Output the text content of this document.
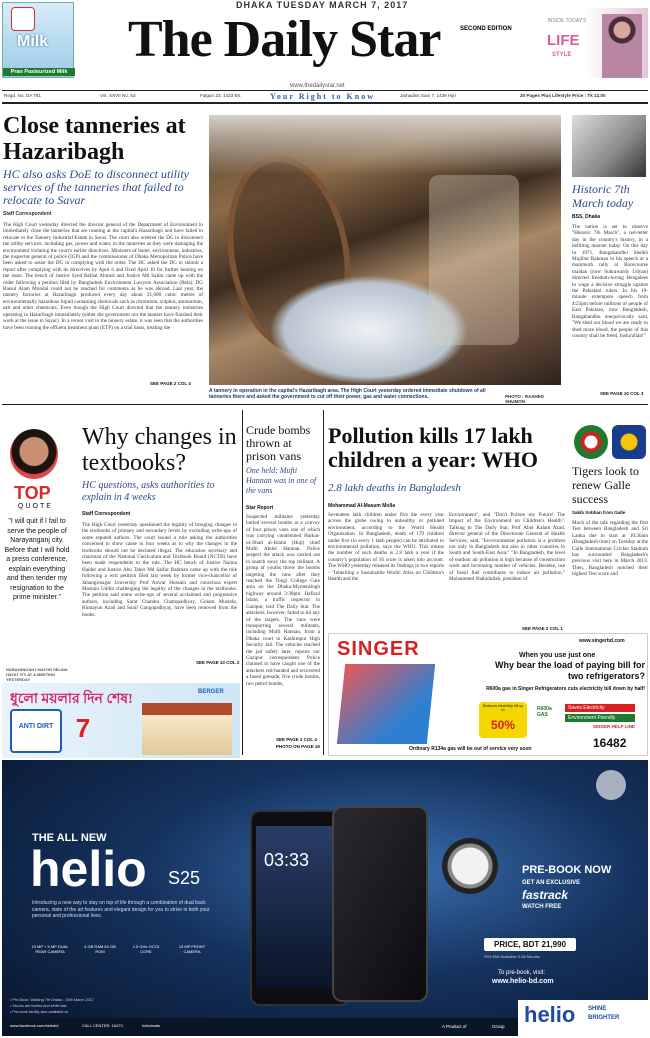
Milk
Pran Pasteurized Milk
DHAKA TUESDAY MARCH 7, 2017
The Daily Star	SECOND EDITION
www.thedailystar.net
Your Right to Know
INSIDE TODAY'S
LIFE
STYLE
Regd. No. DA 781	Vol. XXVII No. 53	Falgun 23, 1423 BS	Jamadius Sani 7, 1438 Hijri	20 Pages Plus Lifestyle Price : Tk 12.00
Close tanneries at Hazaribagh
HC also asks DoE to disconnect utility services of the tanneries that failed to relocate to Savar
Staff Correspondent
The High Court yesterday directed the director general of the Department of Environment to immediately close the tanneries that are running at the capital's Hazaribagh and have failed to relocate to the Tannery Industrial Estate in Savar. The court also ordered the DG to disconnect the utility services, including gas, power and water, to the tanneries as they were damaging the environment violating the court's earlier directives. Ministers of home, environment, industries, the inspector general of police (IGP) and the commissioner of Dhaka Metropolitan Police have been asked to assist the DG in complying with the order. The HC asked the DG to submit a report after complying with its directives by April 6 and fixed April 10 for further hearing on the issue. The bench of Justice Syed Refaat Ahmed and Justice Md Salim came up with the order following a petition filed by Bangladesh Environment Lawyers Association (Bela). DG Raisul Alam Mondal could not be reached for comments as he was abroad. Last year, the tannery factories at Hazaribagh produced every day about 21,600 cubic metres of environmentally hazardous liquid containing chemicals such as chromium, sulphur, ammonium, salt and other chemicals. Even though the High Court directed that the tannery industries operating in Hazaribagh immediately (either the government nor the tanners have finished their work at the issue in Savar). In a recent visit to the tannery estate, it was seen that the authorities have been running the effluent treatment plant (ETP) on a trial basis, treating the
SEE PAGE 2 COL 4
A tannery in operation in the capital's Hazaribagh area. The High Court yesterday ordered immediate shutdown of all tanneries there and asked the government to cut off their power, gas and water connections.	PHOTO : RASHED SHUMON
Historic 7th March today
BSS, Dhaka
The nation is set to observe "Historic 7th March", a red-letter day in the country's history, in a befitting manner today. On this day in 1971, Bangabandhu Sheikh Mujibur Rahman in his speech at a mammoth rally at Racecourse maidan (now Suhrawardy Udyan) directed freedom-loving Bengalees to wage a decisive struggle against the Pakistani rulers. In his 19-minute extempore speech from 4:23pm before millions of people of East Pakistan, now Bangladesh, Bangabandhu unequivocally said, "We shed our blood we are ready to shed more blood, the people of this country shall be freed, Insha'allah!"
SEE PAGE 10 COL 3
TOP
QUOTE
"I will quit if I fail to serve the people of Narayanganj city. Before that I will hold a press conference, explain everything and then tender my resignation to the prime minister."
NARAYANGANJ MAYOR SELINA HAYAT IVY AT A MEETING YESTERDAY
Why changes in textbooks?
HC questions, asks authorities to explain in 4 weeks
Staff Correspondent
The High Court yesterday questioned the legality of bringing changes in the textbooks of primary and secondary levels by excluding write-ups of some reputed authors. The court issued a rule asking the authorities concerned to show cause in four weeks as to why the changes in the textbooks should not be declared illegal. The education secretary and chairman of the National Curriculum and Textbook Board (NCTB) have been made respondents to the rule. The HC bench of Justice Naima Haider and Justice Abu Taher Md Saifur Rahman came up with the rule following a writ petition filed last week by former vice-chancellor of Jahangirnagar University Prof Anwar Hossain and conscious expert Mostain Uddin challenging the legality of the changes in the textbooks. The petition said some write-ups of several acclaimed and progressive authors, including Sarat Chandra Chattopadhyay, Golam Mustafa, Humayun Azad and Sunil Gangopadhyay, have been removed from the books.
SEE PAGE 10 COL 2
Crude bombs thrown at prison vans
One held; Mufti Hannan was in one of the vans
Star Report
Suspected militants yesterday hurled several bombs at a convoy of four prison vans one of which was carrying condemned Harkat-ul-Jihad al-Islami (Huji) chief Mufti Abdul Hannan. Police suspect the attack was carried out to snatch away the top militant. A group of youths threw the bombs targeting the vans after they reached the Tongi College Gate area on the Dhaka-Mymensingh highway around 3:30pm. Hafizul Islam, a traffic inspector in Gazipur, told The Daily Star. The attackers, however, failed to hit any of the targets. The vans were transporting several militants, including Mufti Hannan, from a Dhaka court to Kashimpur High Security Jail. The vehicles reached the jail safely later, reports our Gazipur correspondent. Police claimed to have caught one of the attackers red-handed and recovered a fused grenade, five crude bombs, two petrol bombs,
SEE PAGE 2 COL 4
PHOTO ON PAGE 16
Pollution kills 17 lakh children a year: WHO
2.8 lakh deaths in Bangladesh
Mohammad Al-Masum Molla
Seventeen lakh children under five die every year across the globe owing to unhealthy or polluted environment, according to the World Health Organisation. In Bangladesh, death of 179 children under five (in every 1 lakh people) can be attributed to environmental pollution, says the WHO. This means the number of such deaths is 2.8 lakh a year if the country's population of 16 crore is taken into account. The WHO yesterday released its findings in two reports - "Inheriting a Sustainable World: Atlas on Children's Health and the
Environment", and "Don't Pollute my Future! The Impact of the Environment on Children's Health". Talking to The Daily Star, Prof Abul Kalam Azad, director general of the Directorate General of Health Services, said, "Environmental pollution is a problem not only in Bangladesh but also in other countries in South and South-East Asia." "In Bangladesh, the level of outdoor air pollution is high because of construction work and increasing number of vehicles. Besides, use of fossil fuel contributes to indoor air pollution." Mohammed Shahidullah, president of
SEE PAGE 2 COL 1
Tigers look to renew Galle success
Sakib Sobhan from Galle
Much of the talk regarding the first Test between Bangladesh and Sri Lanka due to start at 10:30am (Bangladesh time) on Tuesday at the Galle International Cricket Stadium has surrounded Bangladesh's previous visit here in March 2013. Then, Bangladesh notched their highest Test score and
ধুলো ময়লার দিন শেষ!
ANTI DIRT 7
BERGER
SINGER	www.singerbd.com
When you use just one
Why bear the load of paying bill for two refrigerators?
R600a gas in Singer Refrigerators cuts electricity bill down by half!
Reduces electricity bill up to
50%
R600a GAS
Saves Electricity
Environment Friendly
Ordinary R134a gas will be out of service very soon
SINGER HELP LINE
16482
THE ALL NEW
helio S25
Introducing a new way to stay on top of life through a combination of dual back camera, state of the art features and elegant design for you to strive in both your personal and professional lives.
13 MP + 5 MP DUAL REAR CAMERA
4 GB RAM 64 GB ROM
1.5 GHz OCTA CORE
13 MP FRONT CAMERA
03:33	PRE-BOOK NOW
GET AN EXCLUSIVE
fastrack
WATCH FREE
PRICE, BDT 21,990
*0% EMI Available 0-36 Months
To pre-book, visit:
www.helio-bd.com
• Pre-Book: Walking 7th Dhaka - 15th March 2017
• Stocks are limited and while last
• Pre-book facility also available at
www.facebook.com/heliobd	CALL CENTER: 16473	helioleads	A Product of	Group helio SHINE
BRIGHTER
